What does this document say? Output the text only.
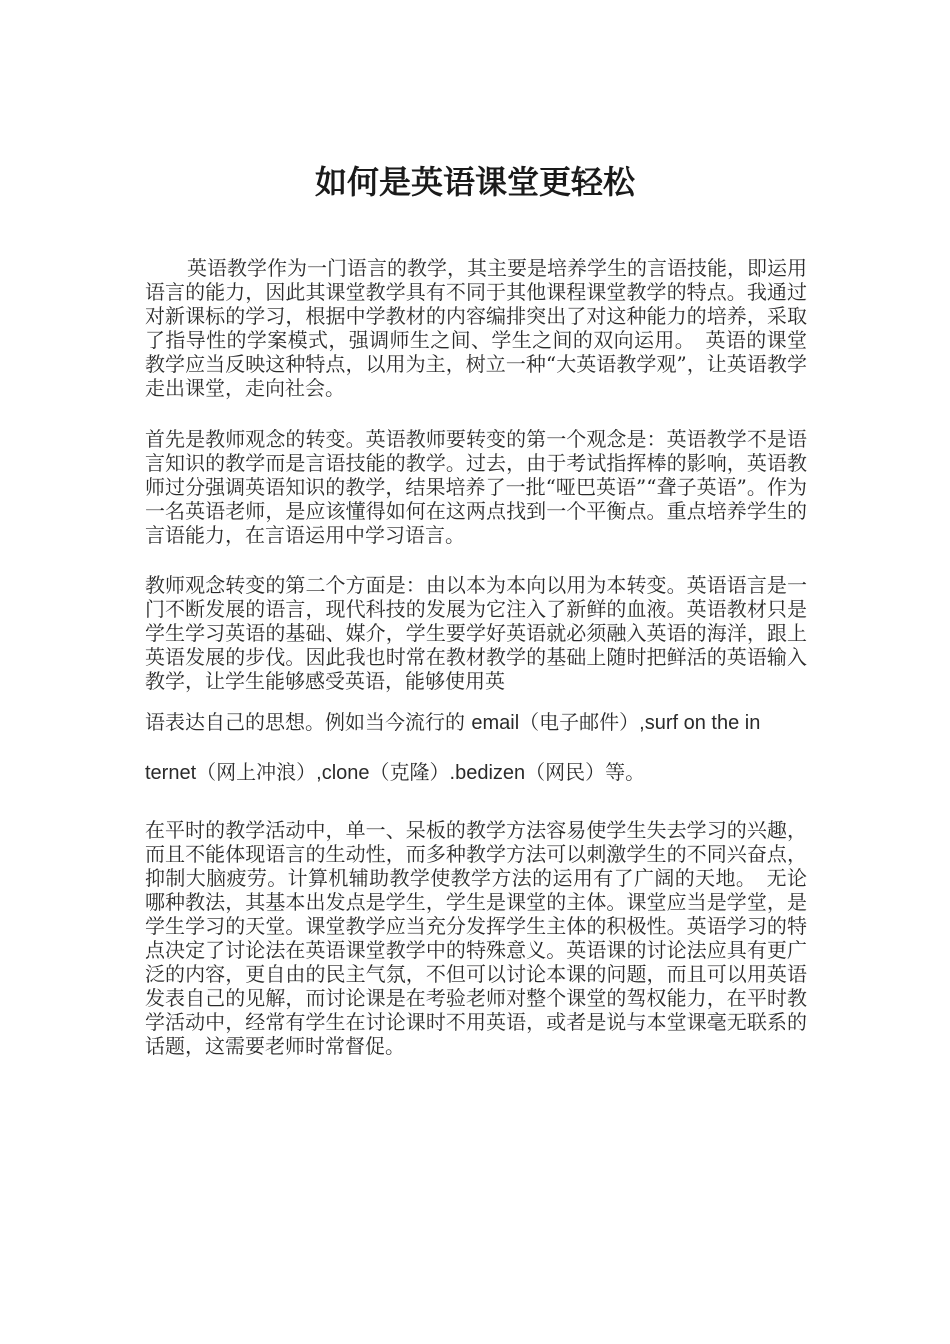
如何是英语课堂更轻松

英语教学作为一门语言的教学，其主要是培养学生的言语技能，即运用语言的能力，因此其课堂教学具有不同于其他课程课堂教学的特点。我通过对新课标的学习，根据中学教材的内容编排突出了对这种能力的培养，采取了指导性的学案模式，强调师生之间、学生之间的双向运用。　英语的课堂教学应当反映这种特点，以用为主，树立一种“大英语教学观”，让英语教学走出课堂，走向社会。

首先是教师观念的转变。英语教师要转变的第一个观念是：英语教学不是语言知识的教学而是言语技能的教学。过去，由于考试指挥棒的影响，英语教师过分强调英语知识的教学，结果培养了一批“哑巴英语”“聋子英语”。作为一名英语老师，是应该懂得如何在这两点找到一个平衡点。重点培养学生的言语能力，在言语运用中学习语言。

教师观念转变的第二个方面是：由以本为本向以用为本转变。英语语言是一门不断发展的语言，现代科技的发展为它注入了新鲜的血液。英语教材只是学生学习英语的基础、媒介，学生要学好英语就必须融入英语的海洋，跟上英语发展的步伐。因此我也时常在教材教学的基础上随时把鲜活的英语输入教学，让学生能够感受英语，能够使用英

语表达自己的思想。例如当今流行的 email（电子邮件）,surf on the in

ternet（网上冲浪）,clone（克隆）.bedizen（网民）等。

在平时的教学活动中，单一、呆板的教学方法容易使学生失去学习的兴趣，而且不能体现语言的生动性，而多种教学方法可以刺激学生的不同兴奋点，抑制大脑疲劳。计算机辅助教学使教学方法的运用有了广阔的天地。　无论哪种教法，其基本出发点是学生，学生是课堂的主体。课堂应当是学堂，是学生学习的天堂。课堂教学应当充分发挥学生主体的积极性。英语学习的特点决定了讨论法在英语课堂教学中的特殊意义。英语课的讨论法应具有更广泛的内容，更自由的民主气氛，不但可以讨论本课的问题，而且可以用英语发表自己的见解，而讨论课是在考验老师对整个课堂的驾权能力，在平时教学活动中，经常有学生在讨论课时不用英语，或者是说与本堂课毫无联系的话题，这需要老师时常督促。
